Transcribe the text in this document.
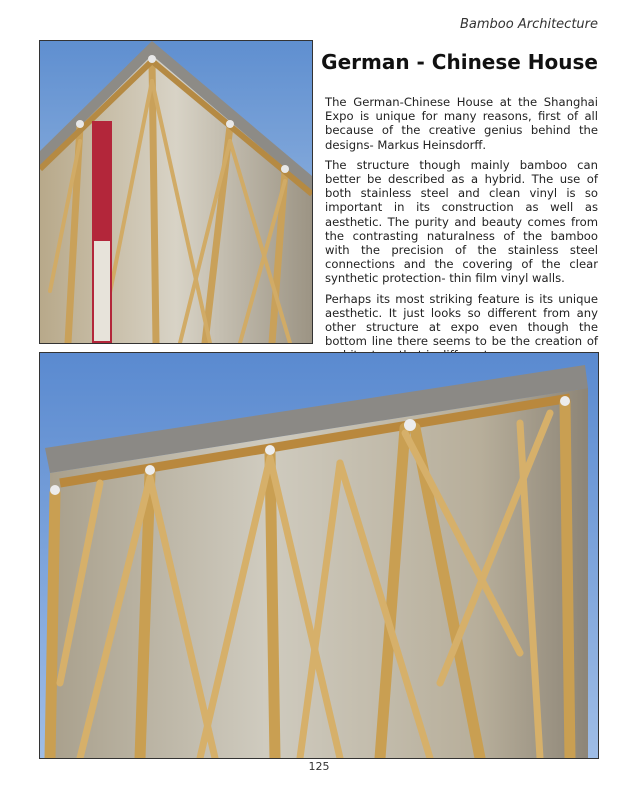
Bamboo Architecture
German - Chinese House

The German-Chinese House at the Shanghai Expo is unique for many reasons, first of all because of the creative genius behind the designs- Markus Heinsdorff.

The structure though mainly bamboo can better be described as a hybrid. The use of both stainless steel and clean vinyl is so important in its construction as well as aesthetic. The purity and beauty comes from the contrasting naturalness of the bamboo with the precision of the stainless steel connections and the covering of the clear synthetic protection- thin film vinyl walls.

Perhaps its most striking feature is its unique aesthetic. It just looks so different from any other structure at expo even though the bottom line there seems to be the creation of

125
